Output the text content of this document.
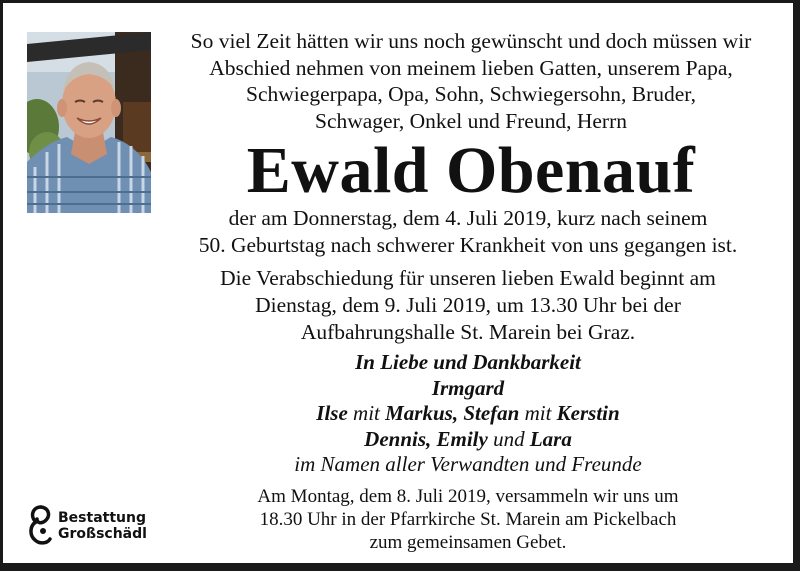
So viel Zeit hätten wir uns noch gewünscht und doch müssen wir
Abschied nehmen von meinem lieben Gatten, unserem Papa,
Schwiegerpapa, Opa, Sohn, Schwiegersohn, Bruder,
Schwager, Onkel und Freund, Herrn
Ewald Obenauf
der am Donnerstag, dem 4. Juli 2019, kurz nach seinem
50. Geburtstag nach schwerer Krankheit von uns gegangen ist.
Die Verabschiedung für unseren lieben Ewald beginnt am
Dienstag, dem 9. Juli 2019, um 13.30 Uhr bei der
Aufbahrungshalle St. Marein bei Graz.
In Liebe und Dankbarkeit
Irmgard
Ilse mit Markus, Stefan mit Kerstin
Dennis, Emily und Lara
im Namen aller Verwandten und Freunde
Am Montag, dem 8. Juli 2019, versammeln wir uns um
18.30 Uhr in der Pfarrkirche St. Marein am Pickelbach
zum gemeinsamen Gebet.
Bestattung
Großschädl
